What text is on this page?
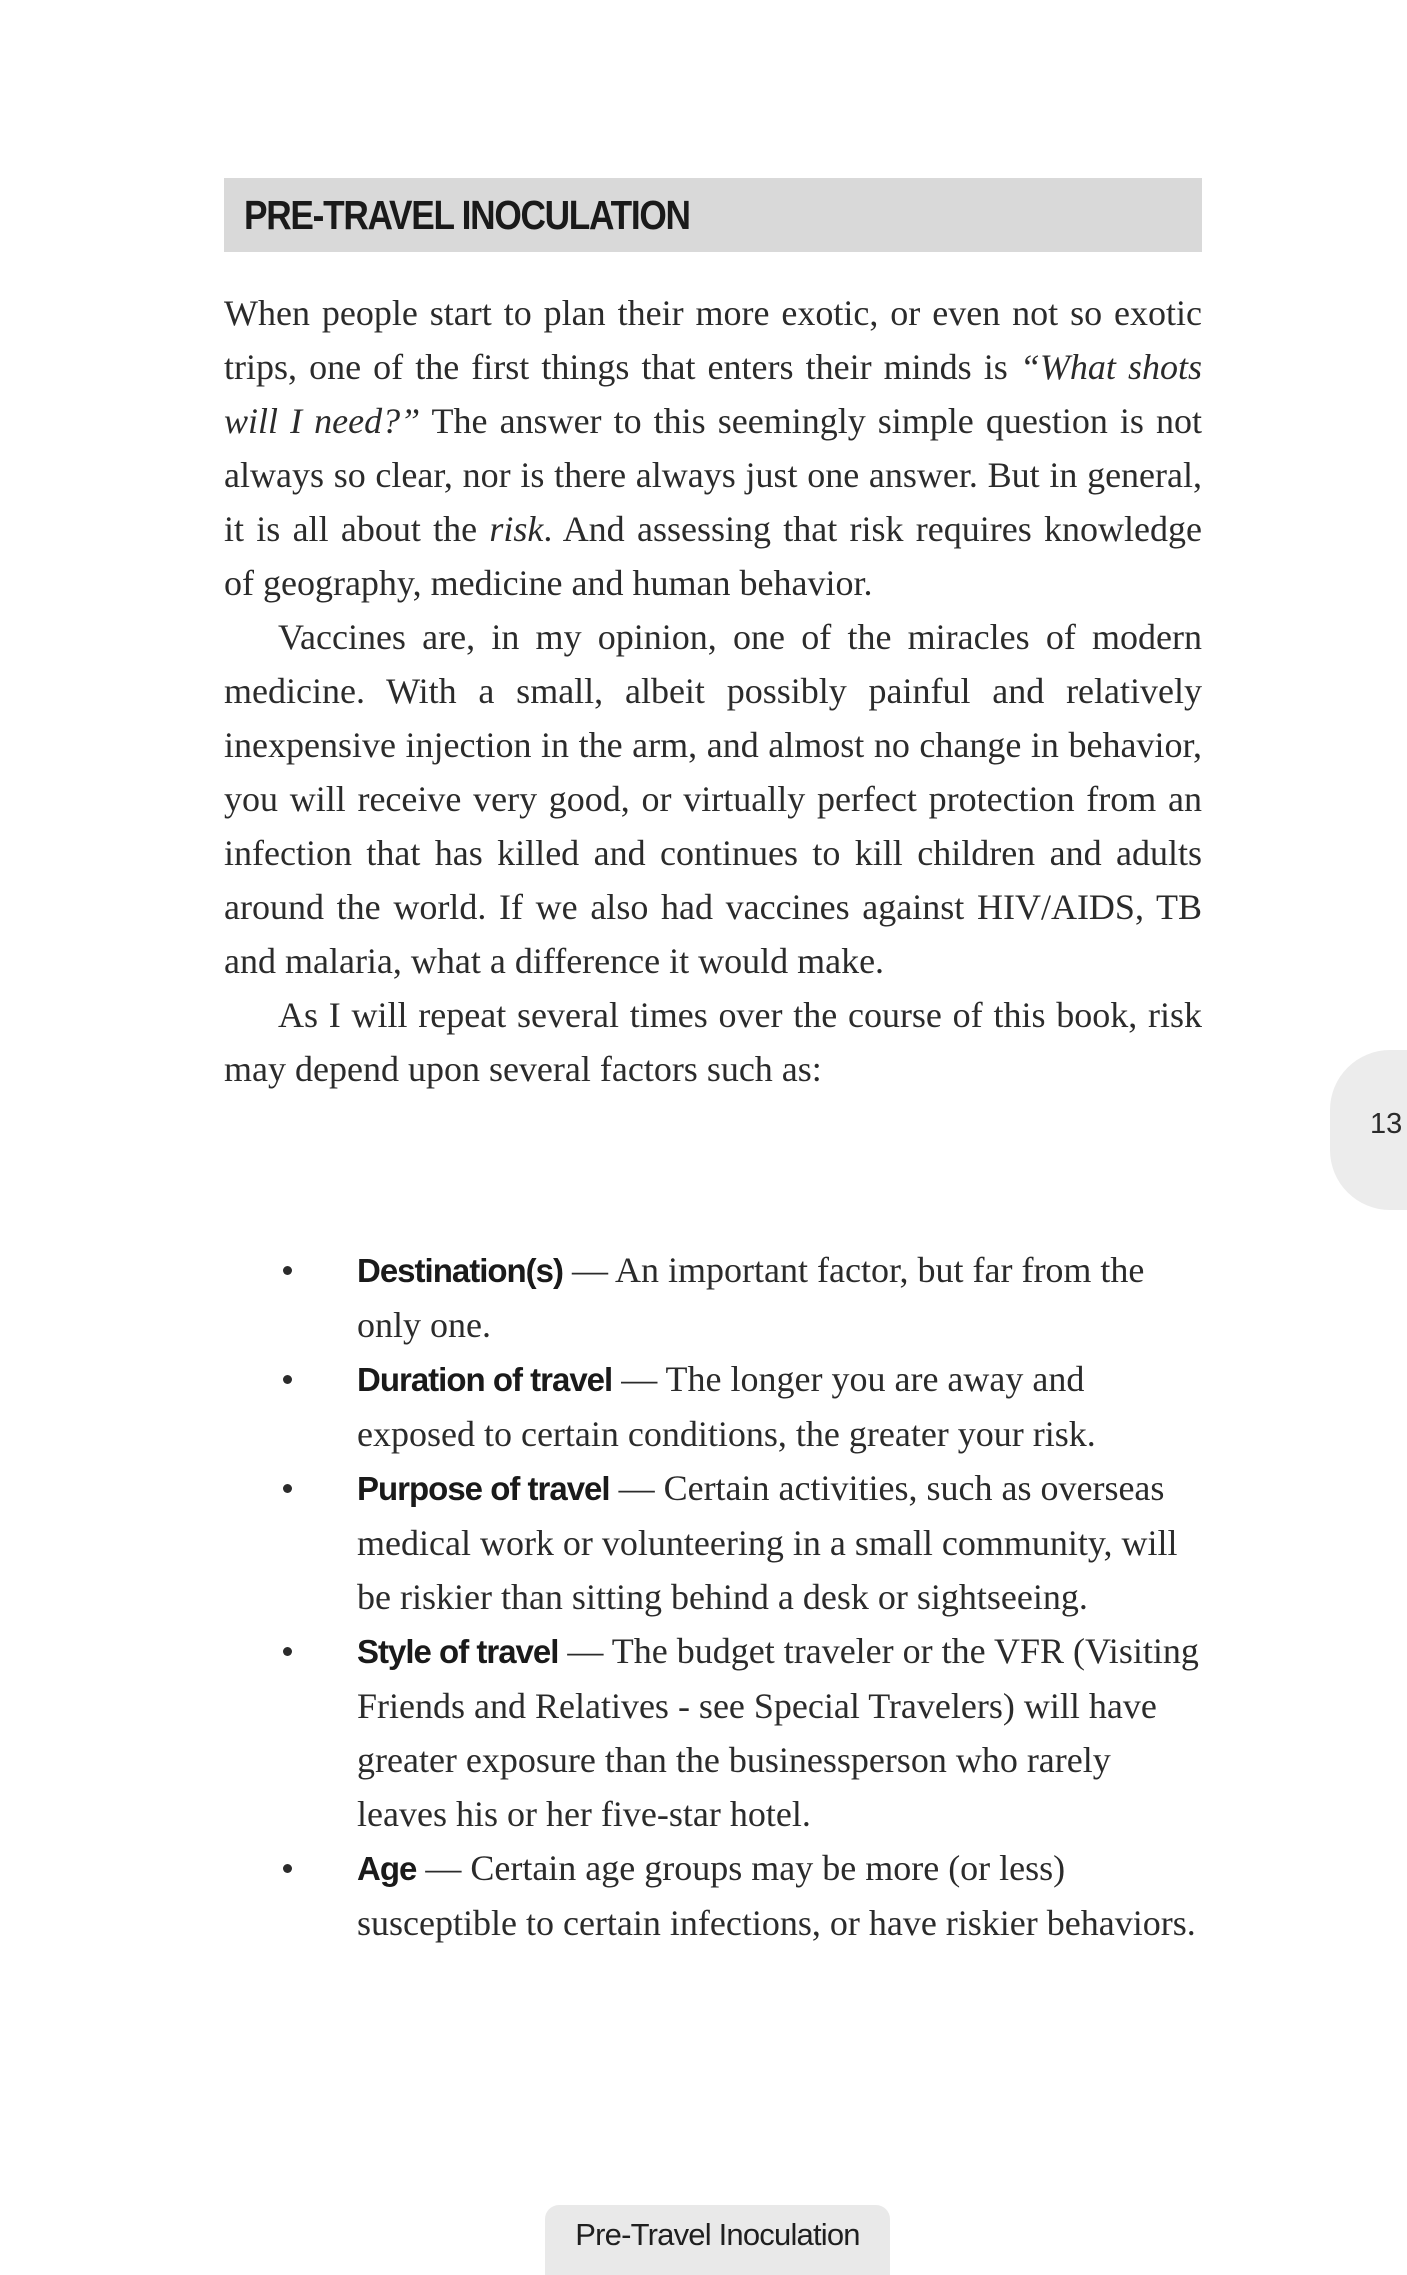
PRE-TRAVEL INOCULATION

When people start to plan their more exotic, or even not so exotic trips, one of the first things that enters their minds is “What shots will I need?” The answer to this seemingly simple question is not always so clear, nor is there always just one answer. But in general, it is all about the risk. And assessing that risk requires knowledge of geography, medicine and human behavior.

Vaccines are, in my opinion, one of the miracles of modern medicine. With a small, albeit possibly painful and relatively inexpensive injection in the arm, and almost no change in behavior, you will receive very good, or virtually perfect protection from an infection that has killed and continues to kill children and adults around the world. If we also had vaccines against HIV/AIDS, TB and malaria, what a difference it would make.

As I will repeat several times over the course of this book, risk may depend upon several factors such as:

Destination(s) — An important factor, but far from the only one.
Duration of travel — The longer you are away and exposed to certain conditions, the greater your risk.
Purpose of travel — Certain activities, such as overseas medical work or volunteering in a small community, will be riskier than sitting behind a desk or sightseeing.
Style of travel — The budget traveler or the VFR (Visiting Friends and Relatives - see Special Travelers) will have greater exposure than the businessperson who rarely leaves his or her five-star hotel.
Age — Certain age groups may be more (or less) susceptible to certain infections, or have riskier behaviors.
13
Pre-Travel Inoculation
